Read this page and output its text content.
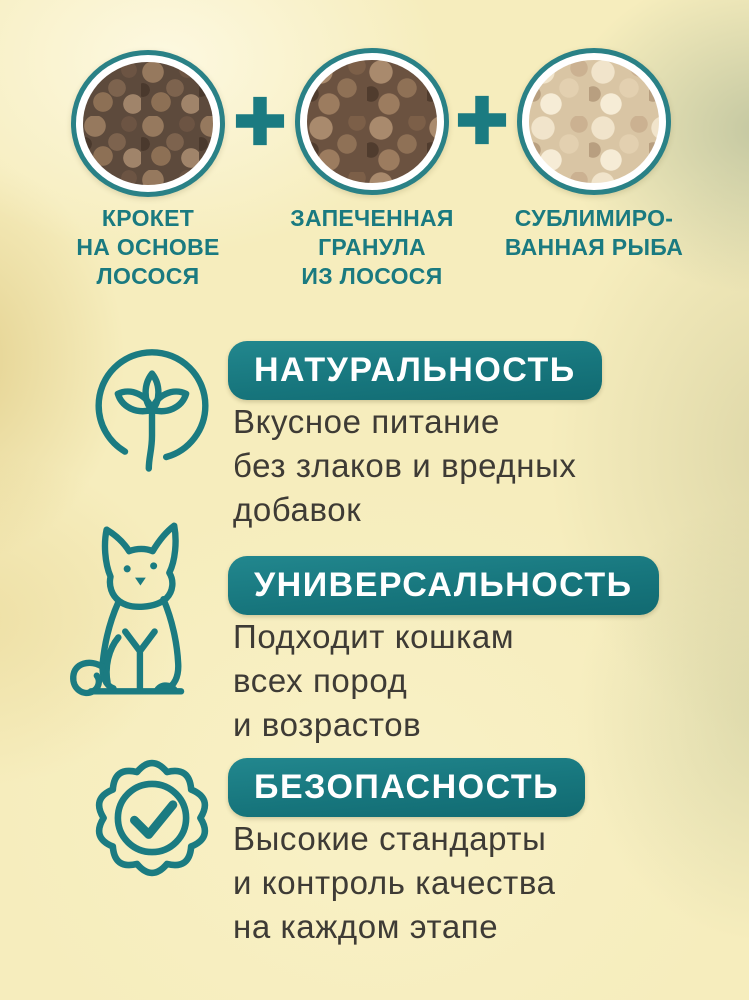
КРОКЕТ
НА ОСНОВЕ
ЛОСОСЯ
ЗАПЕЧЕННАЯ
ГРАНУЛА
ИЗ ЛОСОСЯ
СУБЛИМИРО-
ВАННАЯ РЫБА
НАТУРАЛЬНОСТЬ
Вкусное питание
без злаков и вредных
добавок
УНИВЕРСАЛЬНОСТЬ
Подходит кошкам
всех пород
и возрастов
БЕЗОПАСНОСТЬ
Высокие стандарты
и контроль качества
на каждом этапе
